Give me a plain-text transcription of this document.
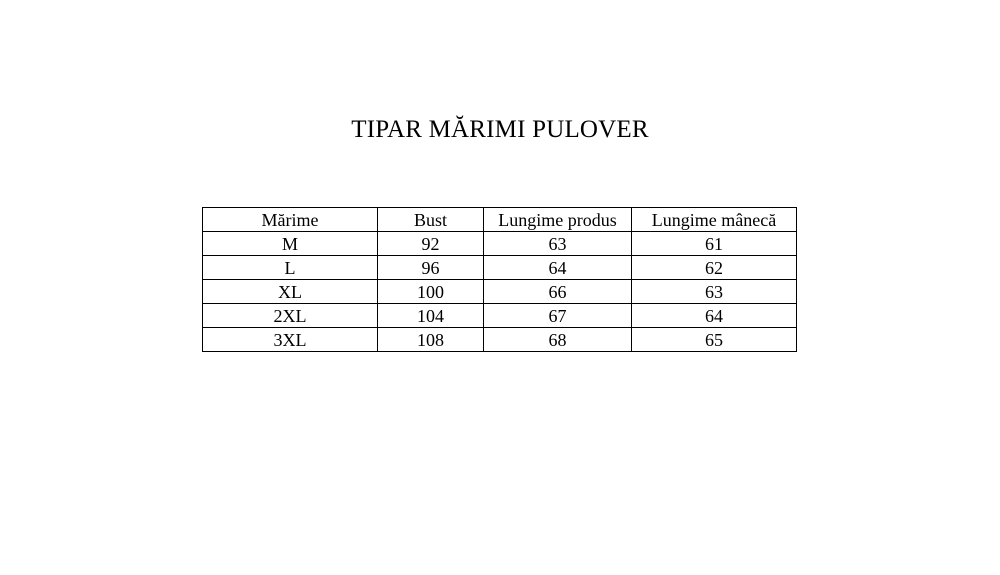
TIPAR MĂRIMI PULOVER
Mărime	Bust	Lungime produs	Lungime mânecă
M	92	63	61
L	96	64	62
XL	100	66	63
2XL	104	67	64
3XL	108	68	65
